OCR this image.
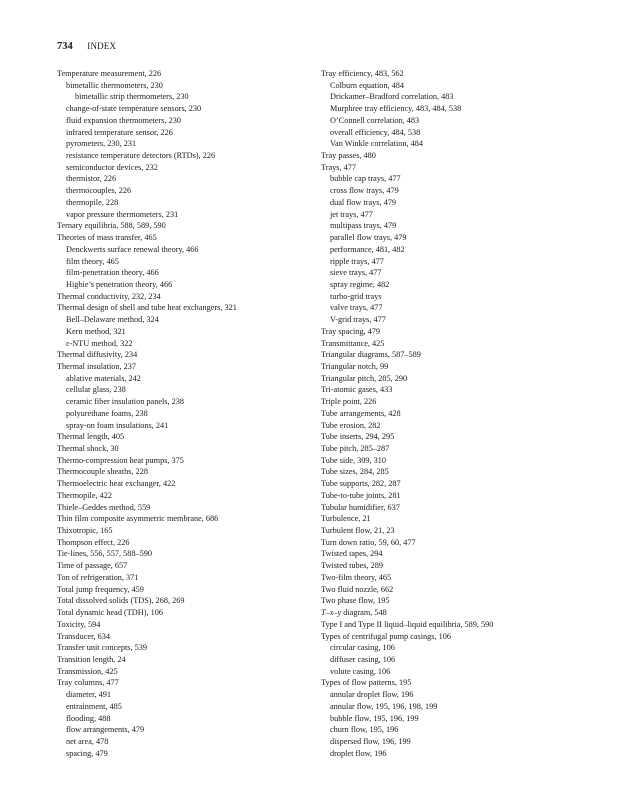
734 INDEX
Temperature measurement, 226
bimetallic thermometers, 230
bimetallic strip thermometers, 230
change-of-state temperature sensors, 230
fluid expansion thermometers, 230
infrared temperature sensor, 226
pyrometers, 230, 231
resistance temperature detectors (RTDs), 226
semiconductor devices, 232
thermistor, 226
thermocouples, 226
thermopile, 228
vapor pressure thermometers, 231
Ternary equilibria, 588, 589, 590
Theories of mass transfer, 465
Denckwerts surface renewal theory, 466
film theory, 465
film-penetration theory, 466
Higbie’s penetration theory, 466
Thermal conductivity, 232, 234
Thermal design of shell and tube heat exchangers, 321
Bell–Delaware method, 324
Kern method, 321
ε-NTU method, 322
Thermal diffusivity, 234
Thermal insulation, 237
ablative materials, 242
cellular glass, 238
ceramic fiber insulation panels, 238
polyurethane foams, 238
spray-on foam insulations, 241
Thermal length, 405
Thermal shock, 30
Thermo-compression heat pumps, 375
Thermocouple sheaths, 228
Thermoelectric heat exchanger, 422
Thermopile, 422
Thiele–Geddes method, 559
Thin film composite asymmetric membrane, 686
Thixotropic, 165
Thompson effect, 226
Tie-lines, 556, 557, 588–590
Time of passage, 657
Ton of refrigeration, 371
Total jump frequency, 459
Total dissolved solids (TDS), 268, 269
Total dynamic head (TDH), 106
Toxicity, 594
Transducer, 634
Transfer unit concepts, 539
Transition length, 24
Transmission, 425
Tray columns, 477
diameter, 491
entrainment, 485
flooding, 488
flow arrangements, 479
net area, 478
spacing, 479
Tray efficiency, 483, 562
Colburn equation, 484
Drickamer–Bradford correlation, 483
Murphree tray efficiency, 483, 484, 538
O’Connell correlation, 483
overall efficiency, 484, 538
Van Winkle correlation, 484
Tray passes, 480
Trays, 477
bubble cap trays, 477
cross flow trays, 479
dual flow trays, 479
jet trays, 477
multipass trays, 479
parallel flow trays, 479
performance, 481, 482
ripple trays, 477
sieve trays, 477
spray regime, 482
turbo-grid trays
valve trays, 477
V-grid trays, 477
Tray spacing, 479
Transmittance, 425
Triangular diagrams, 587–589
Triangular notch, 99
Triangular pitch, 285, 290
Tri-atomic gases, 433
Triple point, 226
Tube arrangements, 428
Tube erosion, 282
Tube inserts, 294, 295
Tube pitch, 285–287
Tube side, 309, 310
Tube sizes, 284, 285
Tube supports, 282, 287
Tube-to-tube joints, 281
Tubular humidifier, 637
Turbulence, 21
Turbulent flow, 21, 23
Turn down ratio, 59, 60, 477
Twisted tapes, 294
Twisted tubes, 289
Two-film theory, 465
Two fluid nozzle, 662
Two phase flow, 195
T–x–y diagram, 548
Type I and Type II liquid–liquid equilibria, 589, 590
Types of centrifugal pump casings, 106
circular casing, 106
diffuser casing, 106
volute casing, 106
Types of flow patterns, 195
annular droplet flow, 196
annular flow, 195, 196, 198, 199
bubble flow, 195, 196, 199
churn flow, 195, 196
dispersed flow, 196, 199
droplet flow, 196
